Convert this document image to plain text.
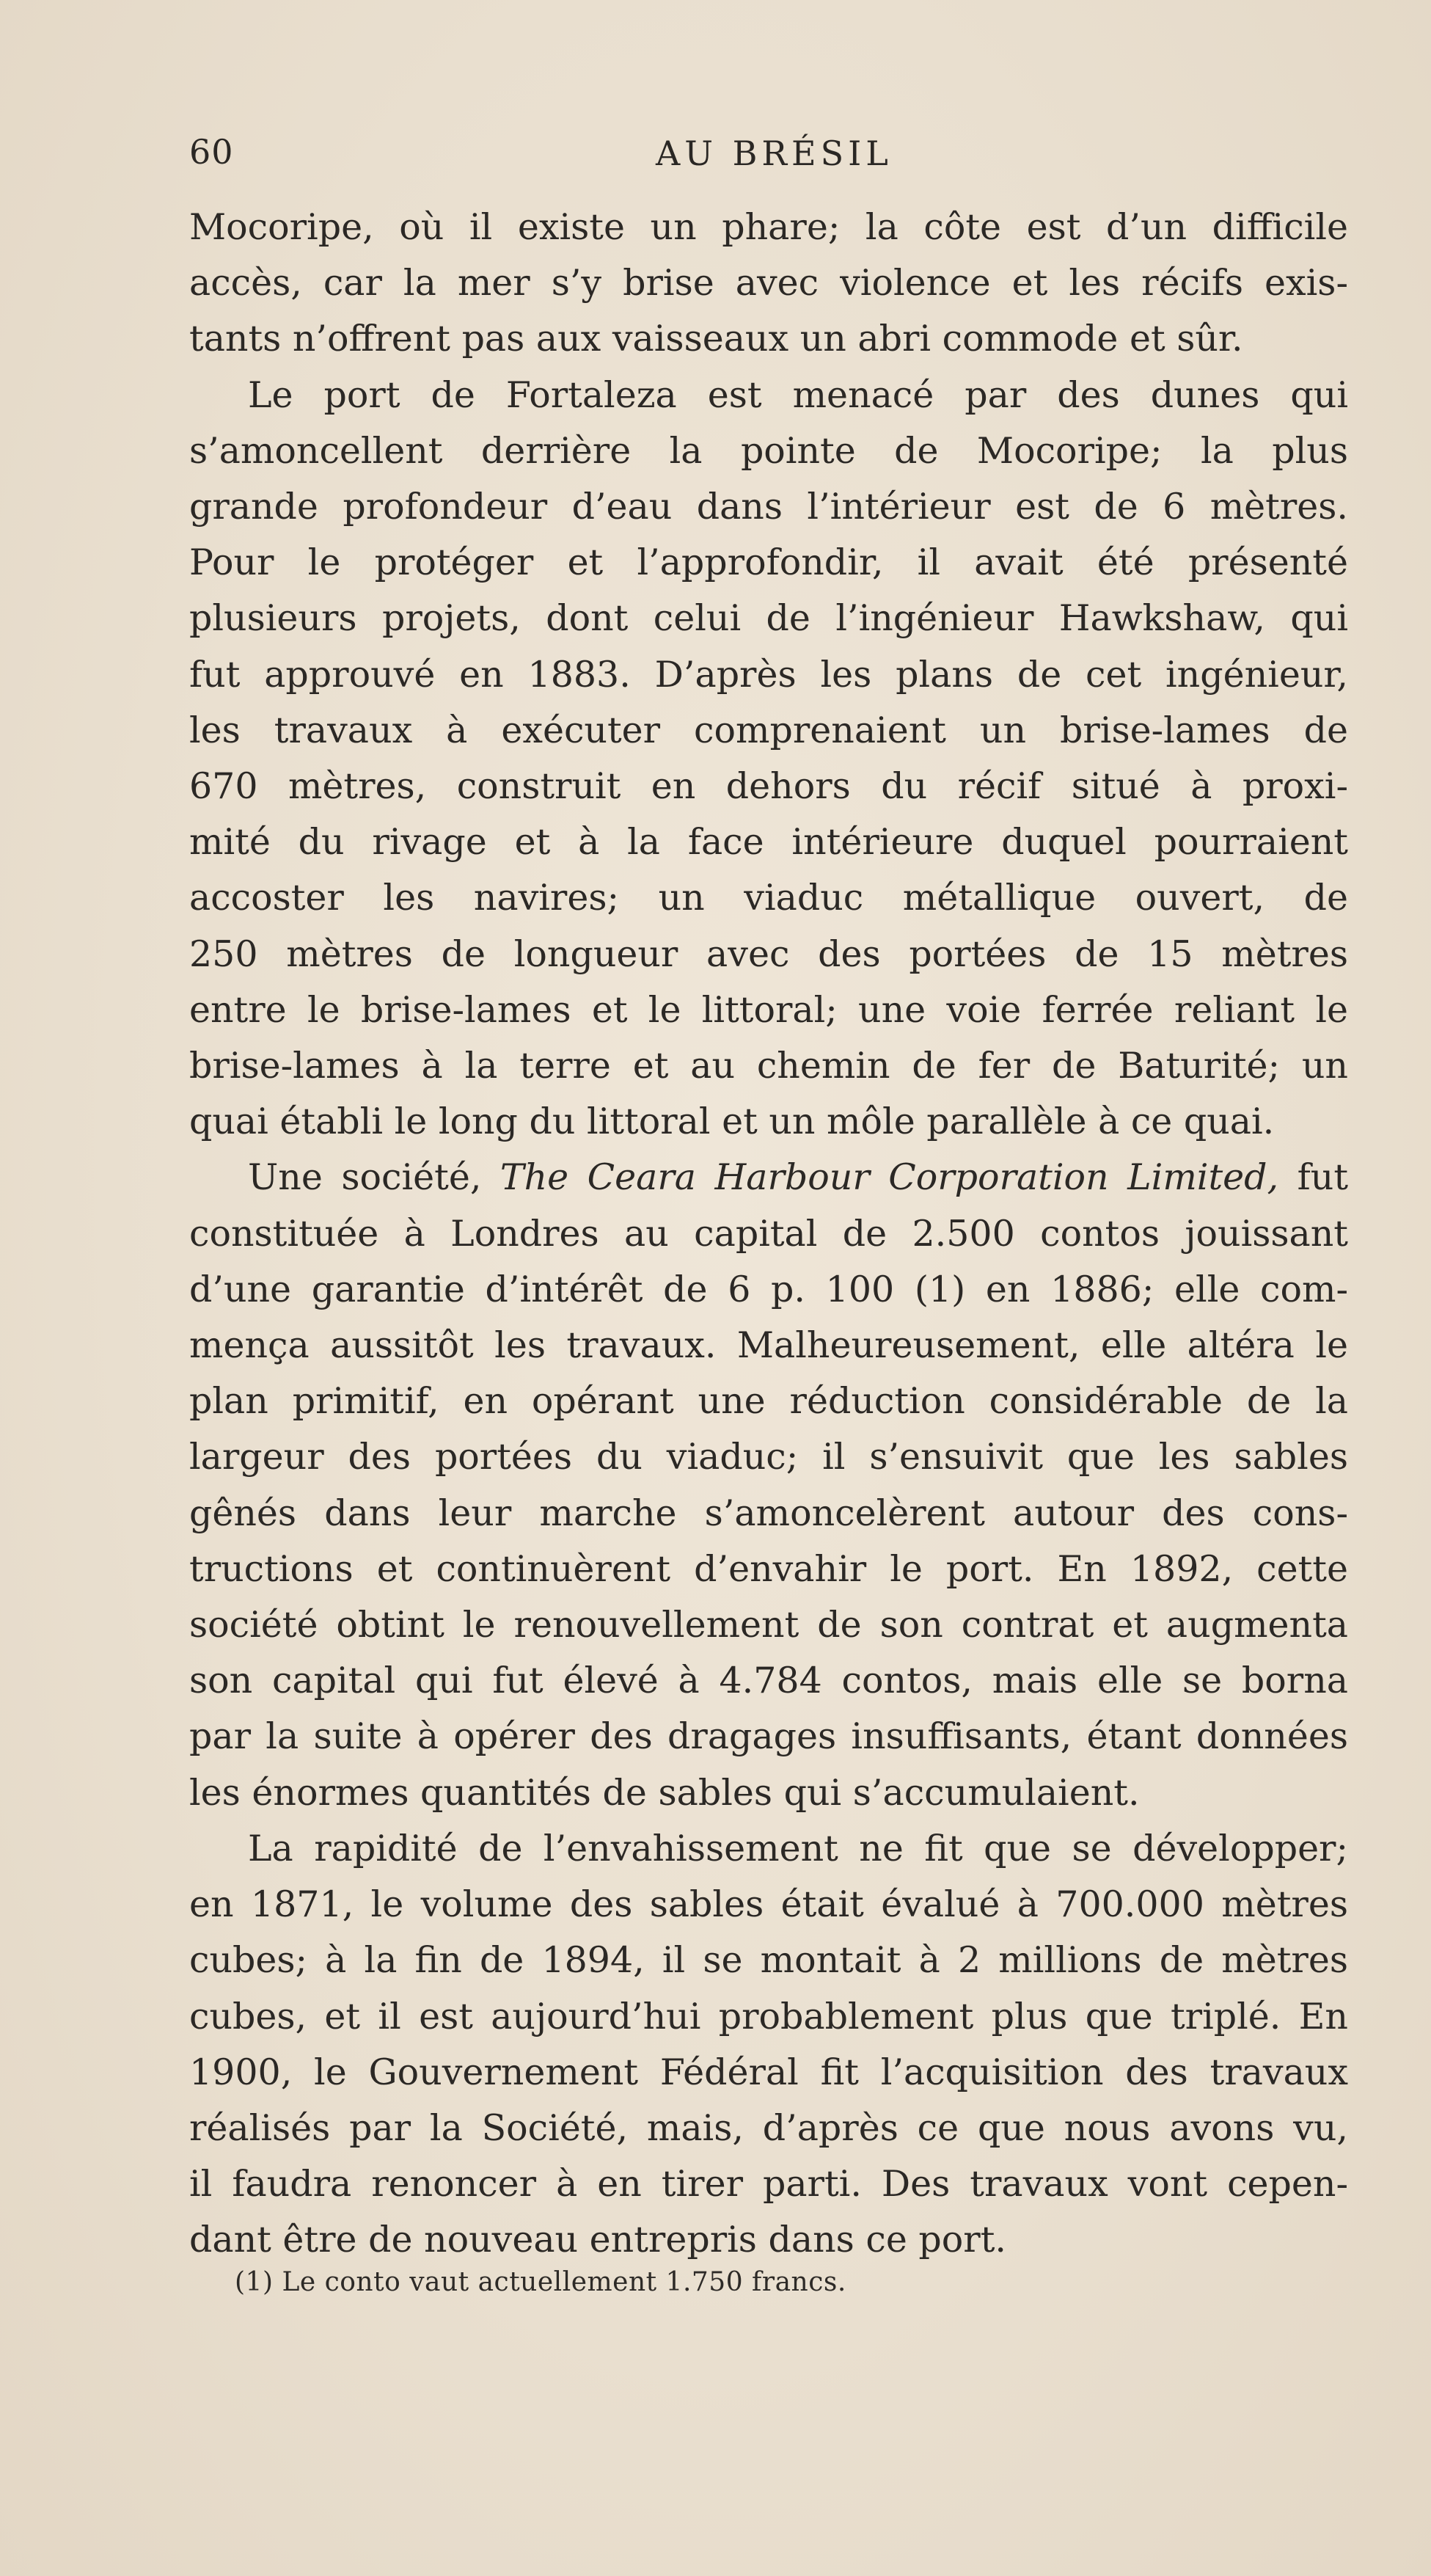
60	AU BRÉSIL

Mocoripe, où il existe un phare; la côte est d’un difficile
accès, car la mer s’y brise avec violence et les récifs exis-
tants n’offrent pas aux vaisseaux un abri commode et sûr.

Le port de Fortaleza est menacé par des dunes qui
s’amoncellent derrière la pointe de Mocoripe; la plus
grande profondeur d’eau dans l’intérieur est de 6 mètres.
Pour le protéger et l’approfondir, il avait été présenté
plusieurs projets, dont celui de l’ingénieur Hawkshaw, qui
fut approuvé en 1883. D’après les plans de cet ingénieur,
les travaux à exécuter comprenaient un brise-lames de
670 mètres, construit en dehors du récif situé à proxi-
mité du rivage et à la face intérieure duquel pourraient
accoster les navires; un viaduc métallique ouvert, de
250 mètres de longueur avec des portées de 15 mètres
entre le brise-lames et le littoral; une voie ferrée reliant le
brise-lames à la terre et au chemin de fer de Baturité; un
quai établi le long du littoral et un môle parallèle à ce quai.

Une société, The Ceara Harbour Corporation Limited, fut
constituée à Londres au capital de 2.500 contos jouissant
d’une garantie d’intérêt de 6 p. 100 (1) en 1886; elle com-
mença aussitôt les travaux. Malheureusement, elle altéra le
plan primitif, en opérant une réduction considérable de la
largeur des portées du viaduc; il s’ensuivit que les sables
gênés dans leur marche s’amoncelèrent autour des cons-
tructions et continuèrent d’envahir le port. En 1892, cette
société obtint le renouvellement de son contrat et augmenta
son capital qui fut élevé à 4.784 contos, mais elle se borna
par la suite à opérer des dragages insuffisants, étant données
les énormes quantités de sables qui s’accumulaient.

La rapidité de l’envahissement ne fit que se développer;
en 1871, le volume des sables était évalué à 700.000 mètres
cubes; à la fin de 1894, il se montait à 2 millions de mètres
cubes, et il est aujourd’hui probablement plus que triplé. En
1900, le Gouvernement Fédéral fit l’acquisition des travaux
réalisés par la Société, mais, d’après ce que nous avons vu,
il faudra renoncer à en tirer parti. Des travaux vont cepen-
dant être de nouveau entrepris dans ce port.

(1) Le conto vaut actuellement 1.750 francs.
